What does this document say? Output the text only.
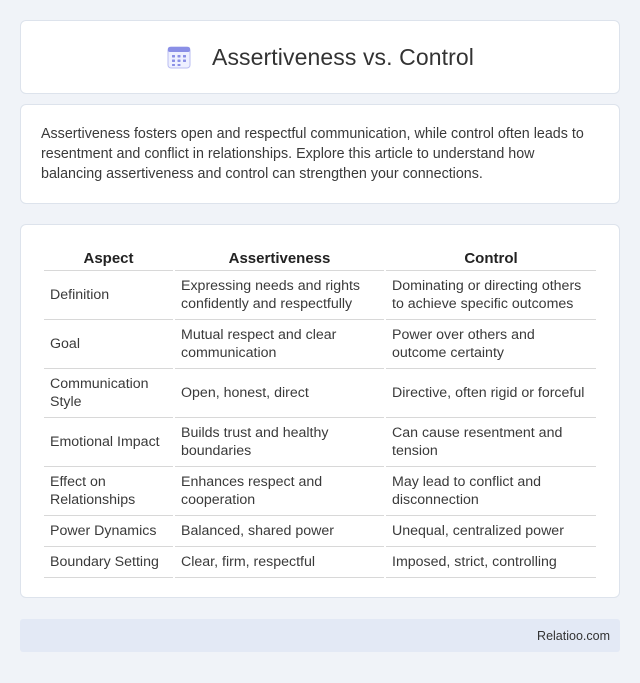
Assertiveness vs. Control

Assertiveness fosters open and respectful communication, while control often leads to resentment and conflict in relationships. Explore this article to understand how balancing assertiveness and control can strengthen your connections.

Aspect	Assertiveness	Control
Definition	Expressing needs and rights confidently and respectfully	Dominating or directing others to achieve specific outcomes
Goal	Mutual respect and clear communication	Power over others and outcome certainty
Communication Style	Open, honest, direct	Directive, often rigid or forceful
Emotional Impact	Builds trust and healthy boundaries	Can cause resentment and tension
Effect on Relationships	Enhances respect and cooperation	May lead to conflict and disconnection
Power Dynamics	Balanced, shared power	Unequal, centralized power
Boundary Setting	Clear, firm, respectful	Imposed, strict, controlling
Relatioo.com
